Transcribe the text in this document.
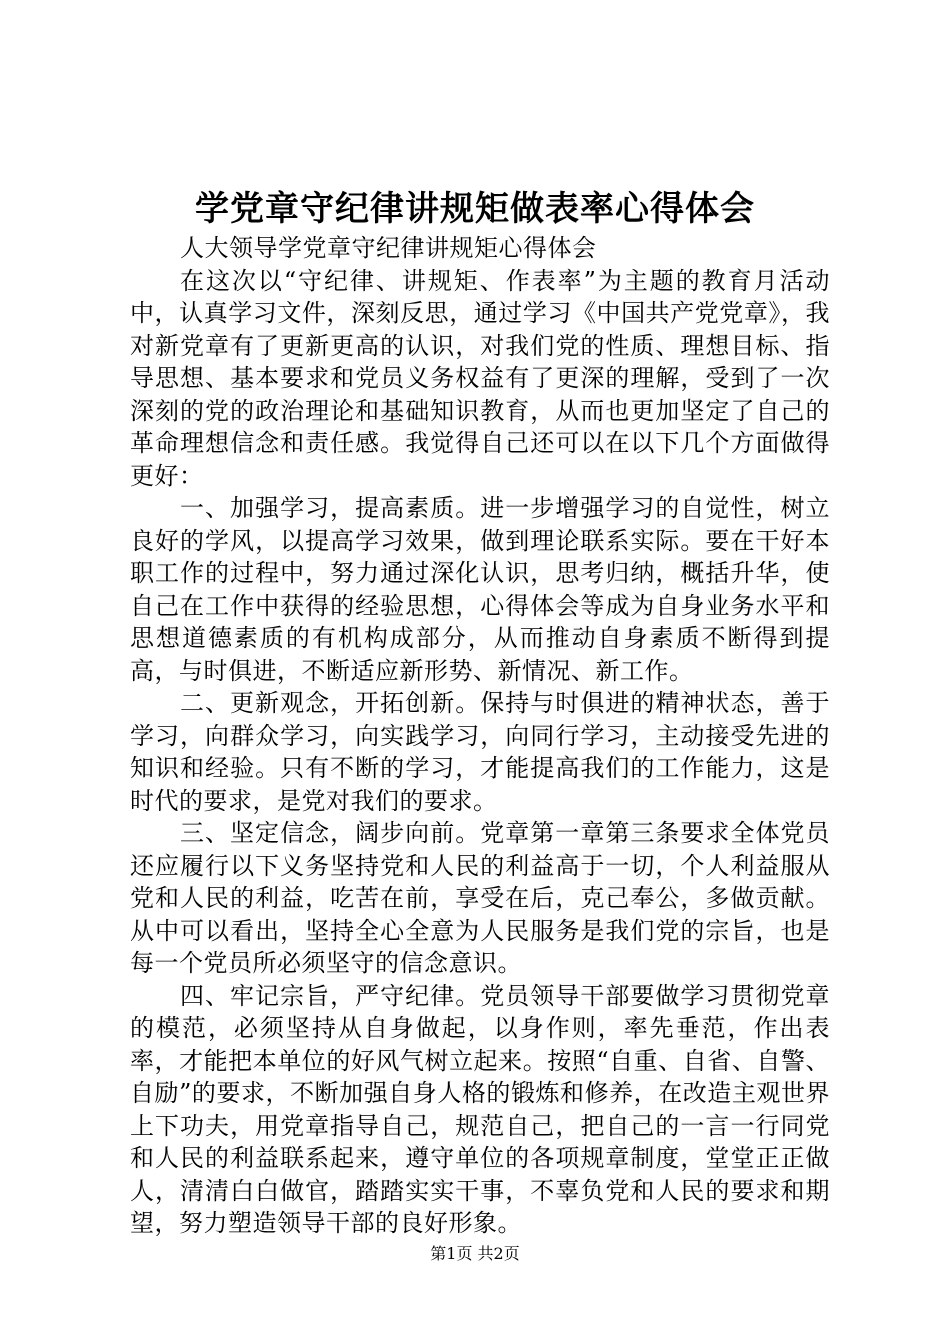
学党章守纪律讲规矩做表率心得体会

人大领导学党章守纪律讲规矩心得体会

在这次以“守纪律、讲规矩、作表率”为主题的教育月活动中，认真学习文件，深刻反思，通过学习《中国共产党党章》，我对新党章有了更新更高的认识，对我们党的性质、理想目标、指导思想、基本要求和党员义务权益有了更深的理解，受到了一次深刻的党的政治理论和基础知识教育，从而也更加坚定了自己的革命理想信念和责任感。我觉得自己还可以在以下几个方面做得更好：

一、加强学习，提高素质。进一步增强学习的自觉性，树立良好的学风，以提高学习效果，做到理论联系实际。要在干好本职工作的过程中，努力通过深化认识，思考归纳，概括升华，使自己在工作中获得的经验思想，心得体会等成为自身业务水平和思想道德素质的有机构成部分，从而推动自身素质不断得到提高，与时俱进，不断适应新形势、新情况、新工作。

二、更新观念，开拓创新。保持与时俱进的精神状态，善于学习，向群众学习，向实践学习，向同行学习，主动接受先进的知识和经验。只有不断的学习，才能提高我们的工作能力，这是时代的要求，是党对我们的要求。

三、坚定信念，阔步向前。党章第一章第三条要求全体党员还应履行以下义务坚持党和人民的利益高于一切，个人利益服从党和人民的利益，吃苦在前，享受在后，克己奉公，多做贡献。从中可以看出，坚持全心全意为人民服务是我们党的宗旨，也是每一个党员所必须坚守的信念意识。

四、牢记宗旨，严守纪律。党员领导干部要做学习贯彻党章的模范，必须坚持从自身做起，以身作则，率先垂范，作出表率，才能把本单位的好风气树立起来。按照“自重、自省、自警、自励”的要求，不断加强自身人格的锻炼和修养，在改造主观世界上下功夫，用党章指导自己，规范自己，把自己的一言一行同党和人民的利益联系起来，遵守单位的各项规章制度，堂堂正正做人，清清白白做官，踏踏实实干事，不辜负党和人民的要求和期望，努力塑造领导干部的良好形象。

第1页 共2页
